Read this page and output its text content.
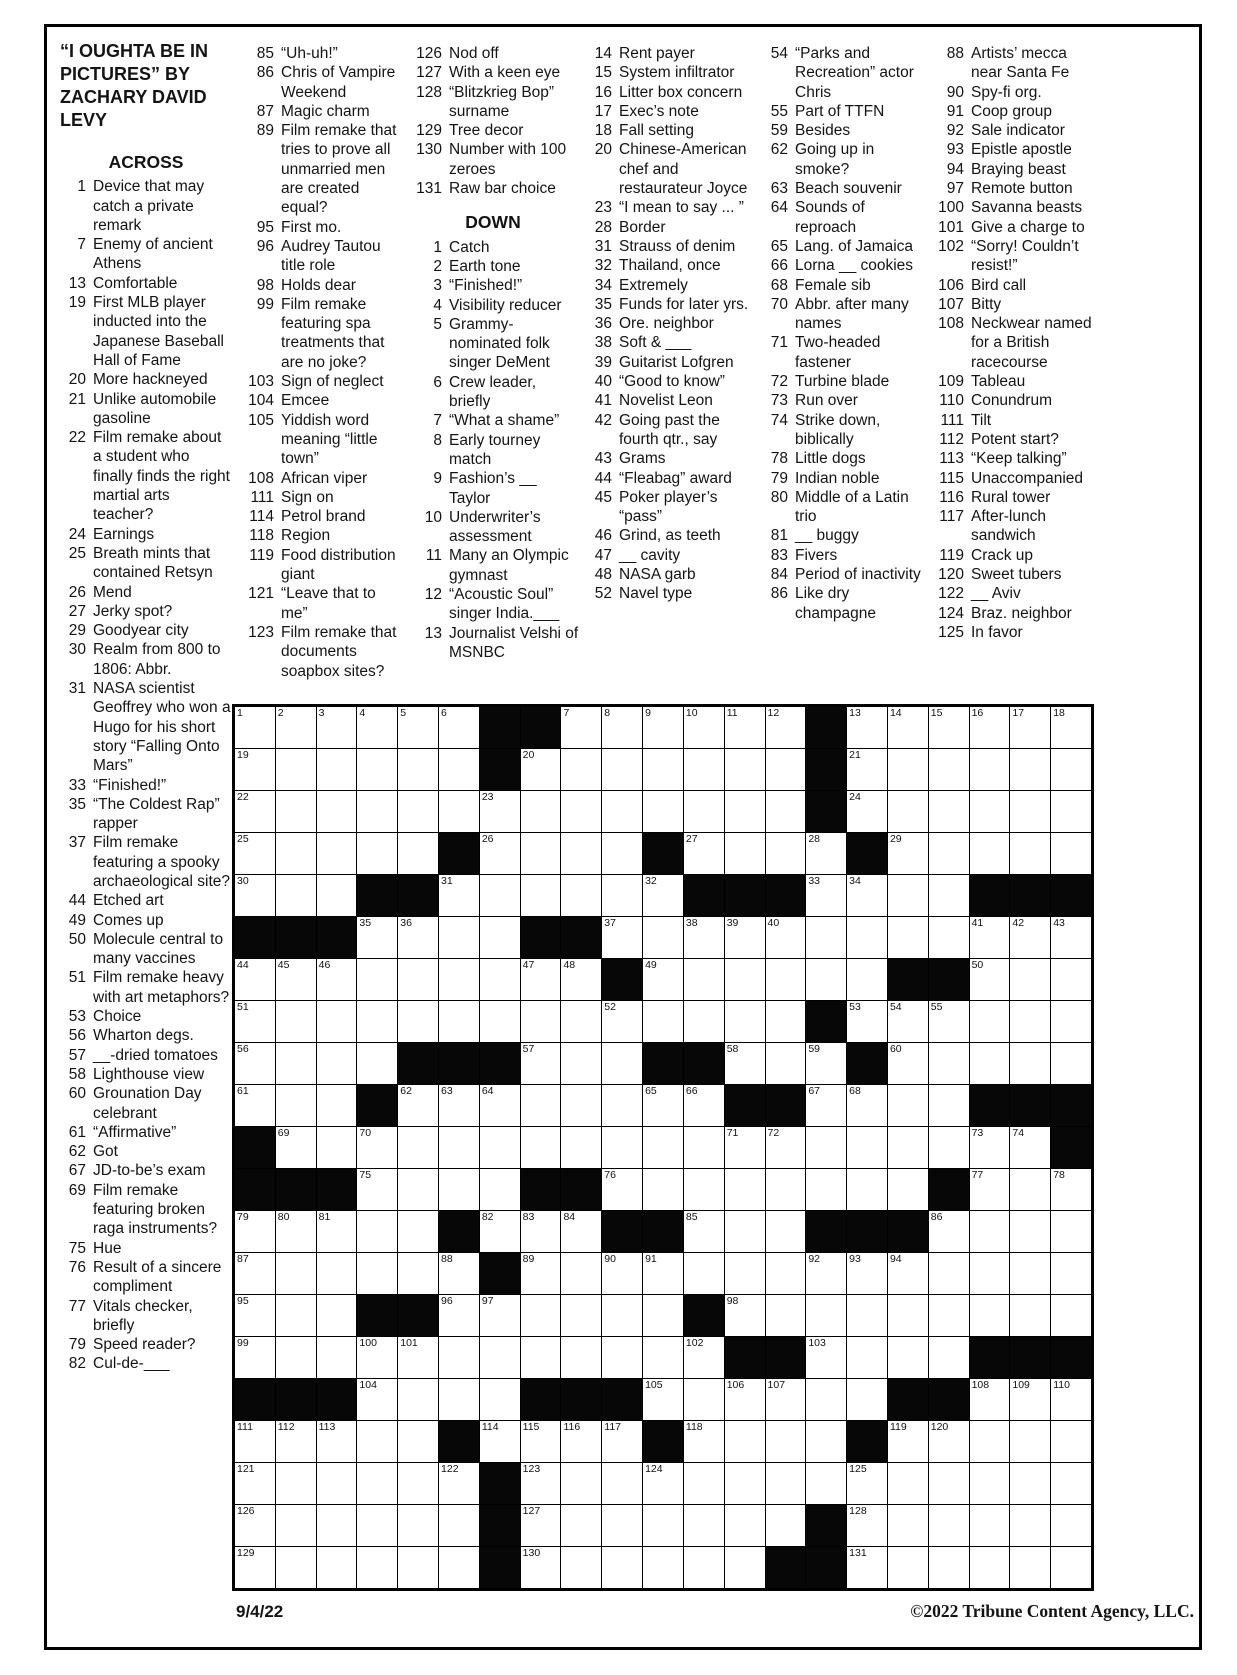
“I OUGHTA BE IN PICTURES” BY ZACHARY DAVID LEVY
ACROSS
1 Device that may catch a private remark
7 Enemy of ancient Athens
13 Comfortable
19 First MLB player inducted into the Japanese Baseball Hall of Fame
20 More hackneyed
21 Unlike automobile gasoline
22 Film remake about a student who finally finds the right martial arts teacher?
24 Earnings
25 Breath mints that contained Retsyn
26 Mend
27 Jerky spot?
29 Goodyear city
30 Realm from 800 to 1806: Abbr.
31 NASA scientist Geoffrey who won a Hugo for his short story “Falling Onto Mars”
33 “Finished!”
35 “The Coldest Rap” rapper
37 Film remake featuring a spooky archaeological site?
44 Etched art
49 Comes up
50 Molecule central to many vaccines
51 Film remake heavy with art metaphors?
53 Choice
56 Wharton degs.
57 __-dried tomatoes
58 Lighthouse view
60 Grounation Day celebrant
61 “Affirmative”
62 Got
67 JD-to-be’s exam
69 Film remake featuring broken raga instruments?
75 Hue
76 Result of a sincere compliment
77 Vitals checker, briefly
79 Speed reader?
82 Cul-de-___
85 “Uh-uh!”
86 Chris of Vampire Weekend
87 Magic charm
89 Film remake that tries to prove all unmarried men are created equal?
95 First mo.
96 Audrey Tautou title role
98 Holds dear
99 Film remake featuring spa treatments that are no joke?
103 Sign of neglect
104 Emcee
105 Yiddish word meaning “little town”
108 African viper
111 Sign on
114 Petrol brand
118 Region
119 Food distribution giant
121 “Leave that to me”
123 Film remake that documents soapbox sites?
126 Nod off
127 With a keen eye
128 “Blitzkrieg Bop” surname
129 Tree decor
130 Number with 100 zeroes
131 Raw bar choice
DOWN
1 Catch
2 Earth tone
3 “Finished!”
4 Visibility reducer
5 Grammy-nominated folk singer DeMent
6 Crew leader, briefly
7 “What a shame”
8 Early tourney match
9 Fashion’s __ Taylor
10 Underwriter’s assessment
11 Many an Olympic gymnast
12 “Acoustic Soul” singer India.___
13 Journalist Velshi of MSNBC
14 Rent payer
15 System infiltrator
16 Litter box concern
17 Exec’s note
18 Fall setting
20 Chinese-American chef and restaurateur Joyce
23 “I mean to say ... ”
28 Border
31 Strauss of denim
32 Thailand, once
34 Extremely
35 Funds for later yrs.
36 Ore. neighbor
38 Soft & ___
39 Guitarist Lofgren
40 “Good to know”
41 Novelist Leon
42 Going past the fourth qtr., say
43 Grams
44 “Fleabag” award
45 Poker player’s “pass”
46 Grind, as teeth
47 __ cavity
48 NASA garb
52 Navel type
54 “Parks and Recreation” actor Chris
55 Part of TTFN
59 Besides
62 Going up in smoke?
63 Beach souvenir
64 Sounds of reproach
65 Lang. of Jamaica
66 Lorna __ cookies
68 Female sib
70 Abbr. after many names
71 Two-headed fastener
72 Turbine blade
73 Run over
74 Strike down, biblically
78 Little dogs
79 Indian noble
80 Middle of a Latin trio
81 __ buggy
83 Fivers
84 Period of inactivity
86 Like dry champagne
88 Artists’ mecca near Santa Fe
90 Spy-fi org.
91 Coop group
92 Sale indicator
93 Epistle apostle
94 Braying beast
97 Remote button
100 Savanna beasts
101 Give a charge to
102 “Sorry! Couldn’t resist!”
106 Bird call
107 Bitty
108 Neckwear named for a British racecourse
109 Tableau
110 Conundrum
111 Tilt
112 Potent start?
113 “Keep talking”
115 Unaccompanied
116 Rural tower
117 After-lunch sandwich
119 Crack up
120 Sweet tubers
122 __ Aviv
124 Braz. neighbor
125 In favor
1	2	3	4	5	6	7	8	9	10	11	12	13	14	15	16	17	18
19	20	21
22	23	24
25	26	27	28	29
30	31	32	33	34
35	36	37	38	39	40	41	42	43
44	45	46	47	48	49	50
51	52	53	54	55
56	57	58	59	60
61	62	63	64	65	66	67	68
69	70	71	72	73	74
75	76	77	78
79	80	81	82	83	84	85	86
87	88	89	90	91	92	93	94
95	96	97	98
99	100 101	102	103
104	105	106 107	108 109 110
111 112 113	114 115 116 117	118	119 120
121	122	123	124	125
126	127	128
129	130	131
9/4/22	©2022 Tribune Content Agency, LLC.
